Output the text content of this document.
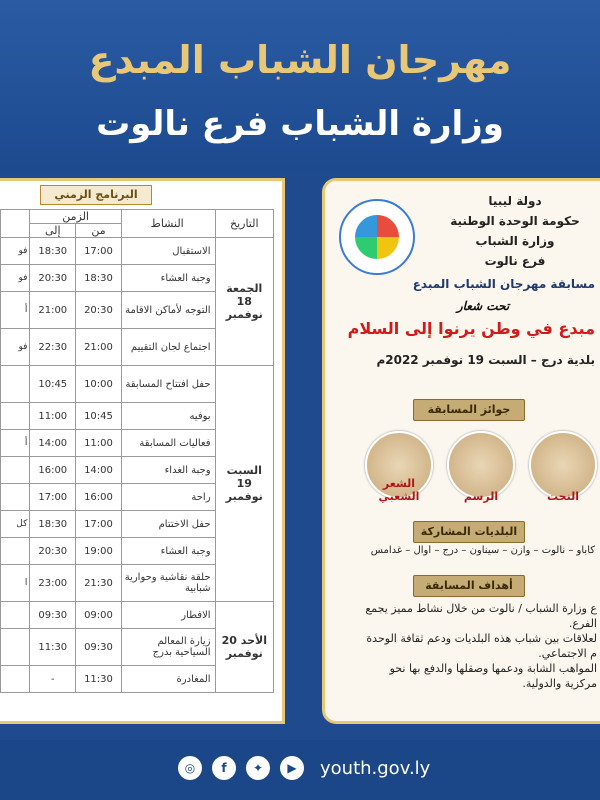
مهرجان الشباب المبدع
وزارة الشباب فرع نالوت
البرنامج الزمني
التاريخ	النشاط	الزمن		
		من	إلى	
الجمعة 18 نوفمبر	الاستقبال	17:00	18:30	فو
	وجبة العشاء	18:30	20:30	فو
	التوجه لأماكن الاقامة	20:30	21:00	أ
	اجتماع لجان التقييم	21:00	22:30	فو
السبت 19 نوفمبر	حفل افتتاح المسابقة	10:00	10:45	
	بوفيه	10:45	11:00	
	فعاليات المسابقة	11:00	14:00	أ
	وجبة الغداء	14:00	16:00	
	راحة	16:00	17:00	
	حفل الاختتام	17:00	18:30	كل
	وجبة العشاء	19:00	20:30	
	حلقة نقاشية وحوارية شبابية	21:30	23:00	ا
الأحد 20 نوفمبر	الافطار	09:00	09:30	
	زيارة المعالم السياحية بدرج	09:30	11:30	
	المغادرة	11:30	-	
دولة ليبيا
حكومة الوحدة الوطنية
وزارة الشباب
فرع نالوت
مسابقة مهرجان الشباب المبدع
تحت شعار
مبدع في وطن يرنوا إلى السلام
بلدية درج – السبت 19 نوفمبر 2022م
جوائز المسابقة
النحت
الرسم
الشعر الشعبي
البلديات المشاركة
كاباو – نالوت – وازن – سيناون – درج – أوال – غدامس
أهداف المسابقة

ع وزارة الشباب / نالوت من خلال نشاط مميز يجمع

الفرع.

لعلاقات بين شباب هذه البلديات ودعم ثقافة الوحدة

م الاجتماعي.

المواهب الشابة ودعمها وصقلها والدفع بها نحو

مركزية والدولية.

◎	f	✦	▶	youth.gov.ly
